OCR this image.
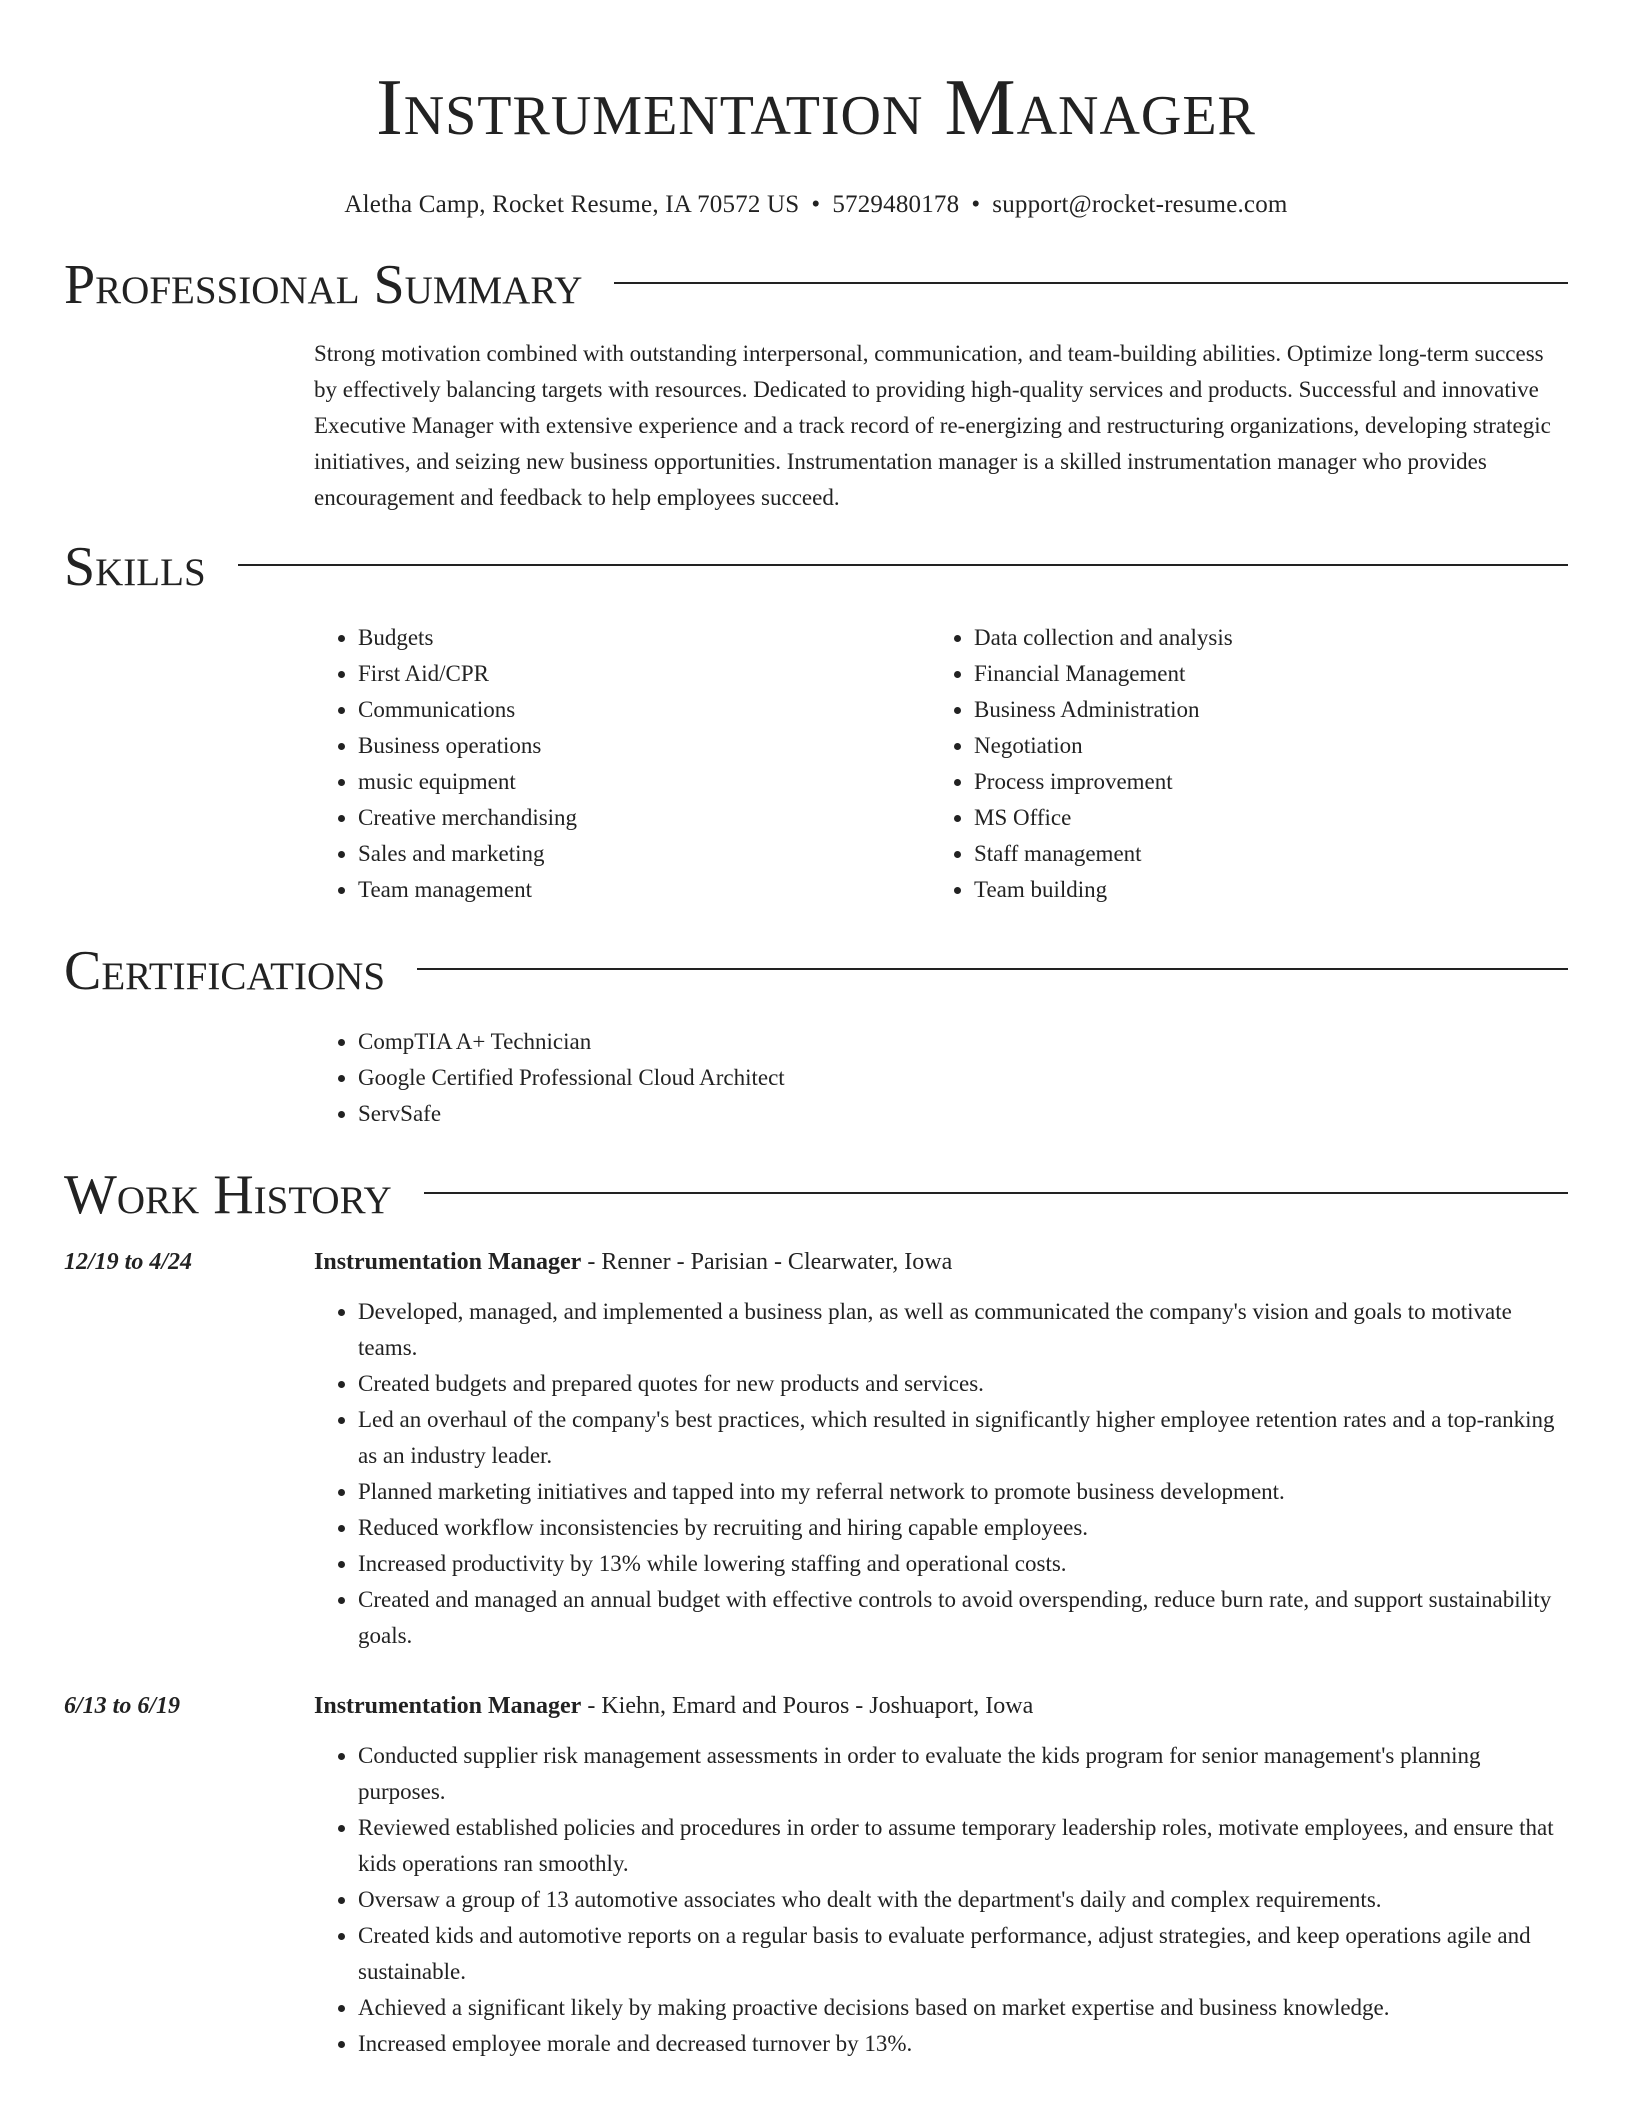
Instrumentation Manager
Aletha Camp, Rocket Resume, IA 70572 US • 5729480178 • support@rocket-resume.com
Professional Summary

Strong motivation combined with outstanding interpersonal, communication, and team-building abilities. Optimize long-term success by effectively balancing targets with resources. Dedicated to providing high-quality services and products. Successful and innovative Executive Manager with extensive experience and a track record of re-energizing and restructuring organizations, developing strategic initiatives, and seizing new business opportunities. Instrumentation manager is a skilled instrumentation manager who provides encouragement and feedback to help employees succeed.

Skills
• Budgets
• First Aid/CPR
• Communications
• Business operations
• music equipment
• Creative merchandising
• Sales and marketing
• Team management
• Data collection and analysis
• Financial Management
• Business Administration
• Negotiation
• Process improvement
• MS Office
• Staff management
• Team building
Certifications
• CompTIA A+ Technician
• Google Certified Professional Cloud Architect
• ServSafe
Work History
12/19 to 4/24	Instrumentation Manager - Renner - Parisian - Clearwater, Iowa
• Developed, managed, and implemented a business plan, as well as communicated the company's vision and goals to motivate teams.
• Created budgets and prepared quotes for new products and services.
• Led an overhaul of the company's best practices, which resulted in significantly higher employee retention rates and a top-ranking as an industry leader.
• Planned marketing initiatives and tapped into my referral network to promote business development.
• Reduced workflow inconsistencies by recruiting and hiring capable employees.
• Increased productivity by 13% while lowering staffing and operational costs.
• Created and managed an annual budget with effective controls to avoid overspending, reduce burn rate, and support sustainability goals.
6/13 to 6/19	Instrumentation Manager - Kiehn, Emard and Pouros - Joshuaport, Iowa
• Conducted supplier risk management assessments in order to evaluate the kids program for senior management's planning purposes.
• Reviewed established policies and procedures in order to assume temporary leadership roles, motivate employees, and ensure that kids operations ran smoothly.
• Oversaw a group of 13 automotive associates who dealt with the department's daily and complex requirements.
• Created kids and automotive reports on a regular basis to evaluate performance, adjust strategies, and keep operations agile and sustainable.
• Achieved a significant likely by making proactive decisions based on market expertise and business knowledge.
• Increased employee morale and decreased turnover by 13%.
